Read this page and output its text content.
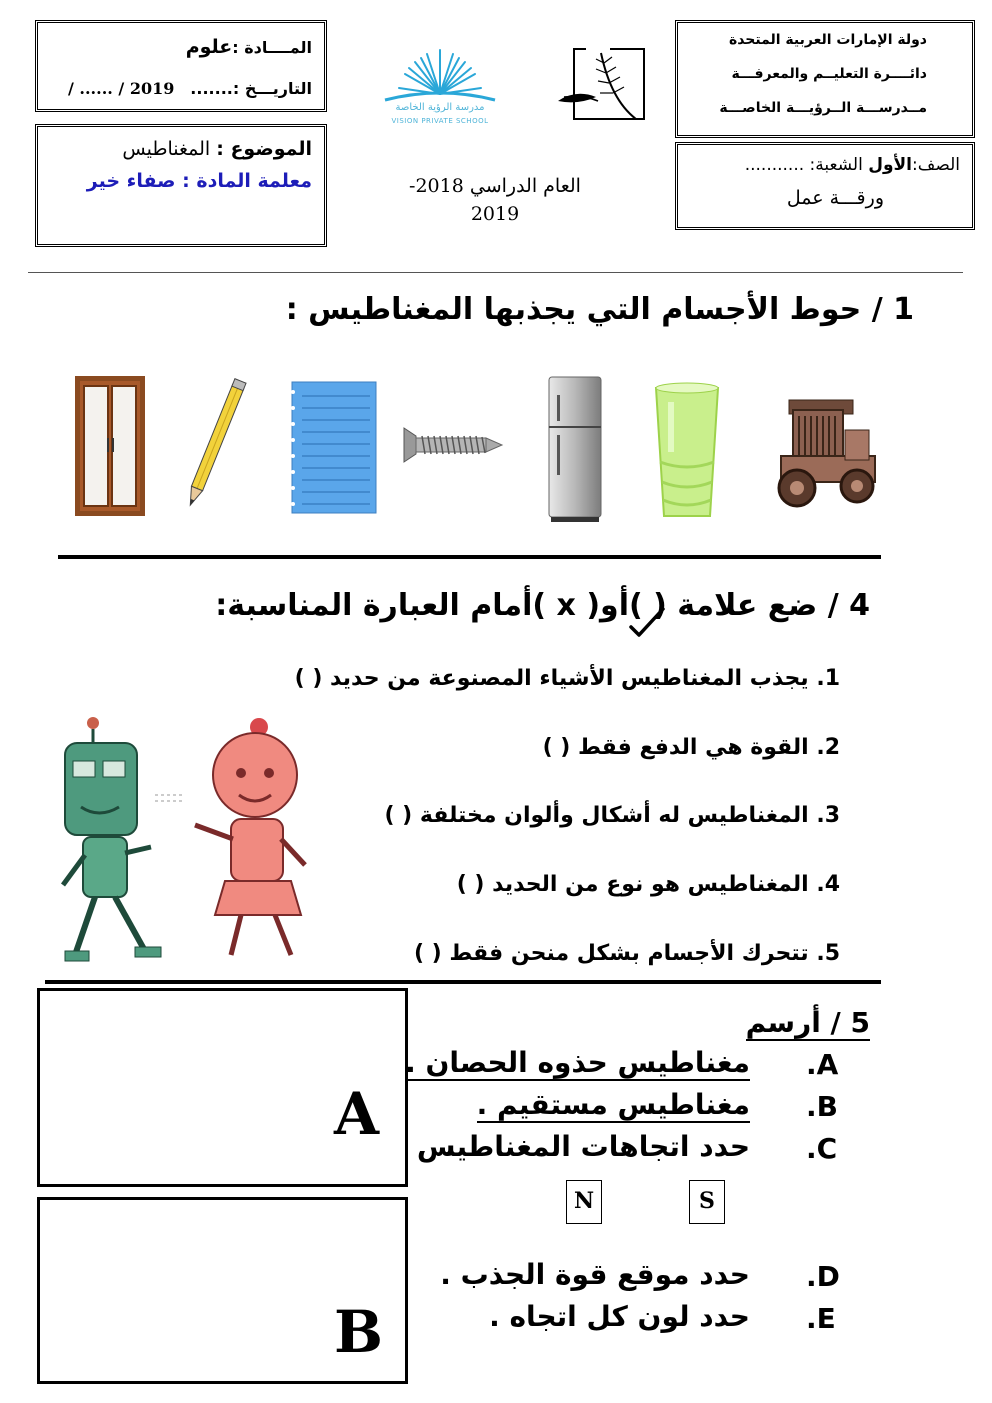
المــــادة :علوم
/ ...... / 2019 التاريـــخ :.......
الموضوع : المغناطيس
معلمة المادة : صفاء خير
مدرسة الرؤية الخاصة
VISION PRIVATE SCHOOL
العام الدراسي 2018-
2019
دولة الإمارات العربية المتحدة
دائــــرة التعليــم والمعرفـــة
مــدرســـة الــرؤيـــة الخاصـــة
الصف:الأول الشعبة: ...........
ورقـــة عمل
1 / حوط الأجسام التي يجذبها المغناطيس :
4 / ضع علامة ( )أو( x )أمام العبارة المناسبة:
1. يجذب المغناطيس الأشياء المصنوعة من حديد ( )
2. القوة هي الدفع فقط ( )
3. المغناطيس له أشكال وألوان مختلفة ( )
4. المغناطيس هو نوع من الحديد ( )
5. تتحرك الأجسام بشكل منحن فقط ( )
A
B
5 / أرسم
.A
مغناطيس حذوه الحصان .
.B
مغناطيس مستقيم .
.C
حدد اتجاهات المغناطيس
N	S
.D
حدد موقع قوة الجذب .
.E
حدد لون كل اتجاه .
